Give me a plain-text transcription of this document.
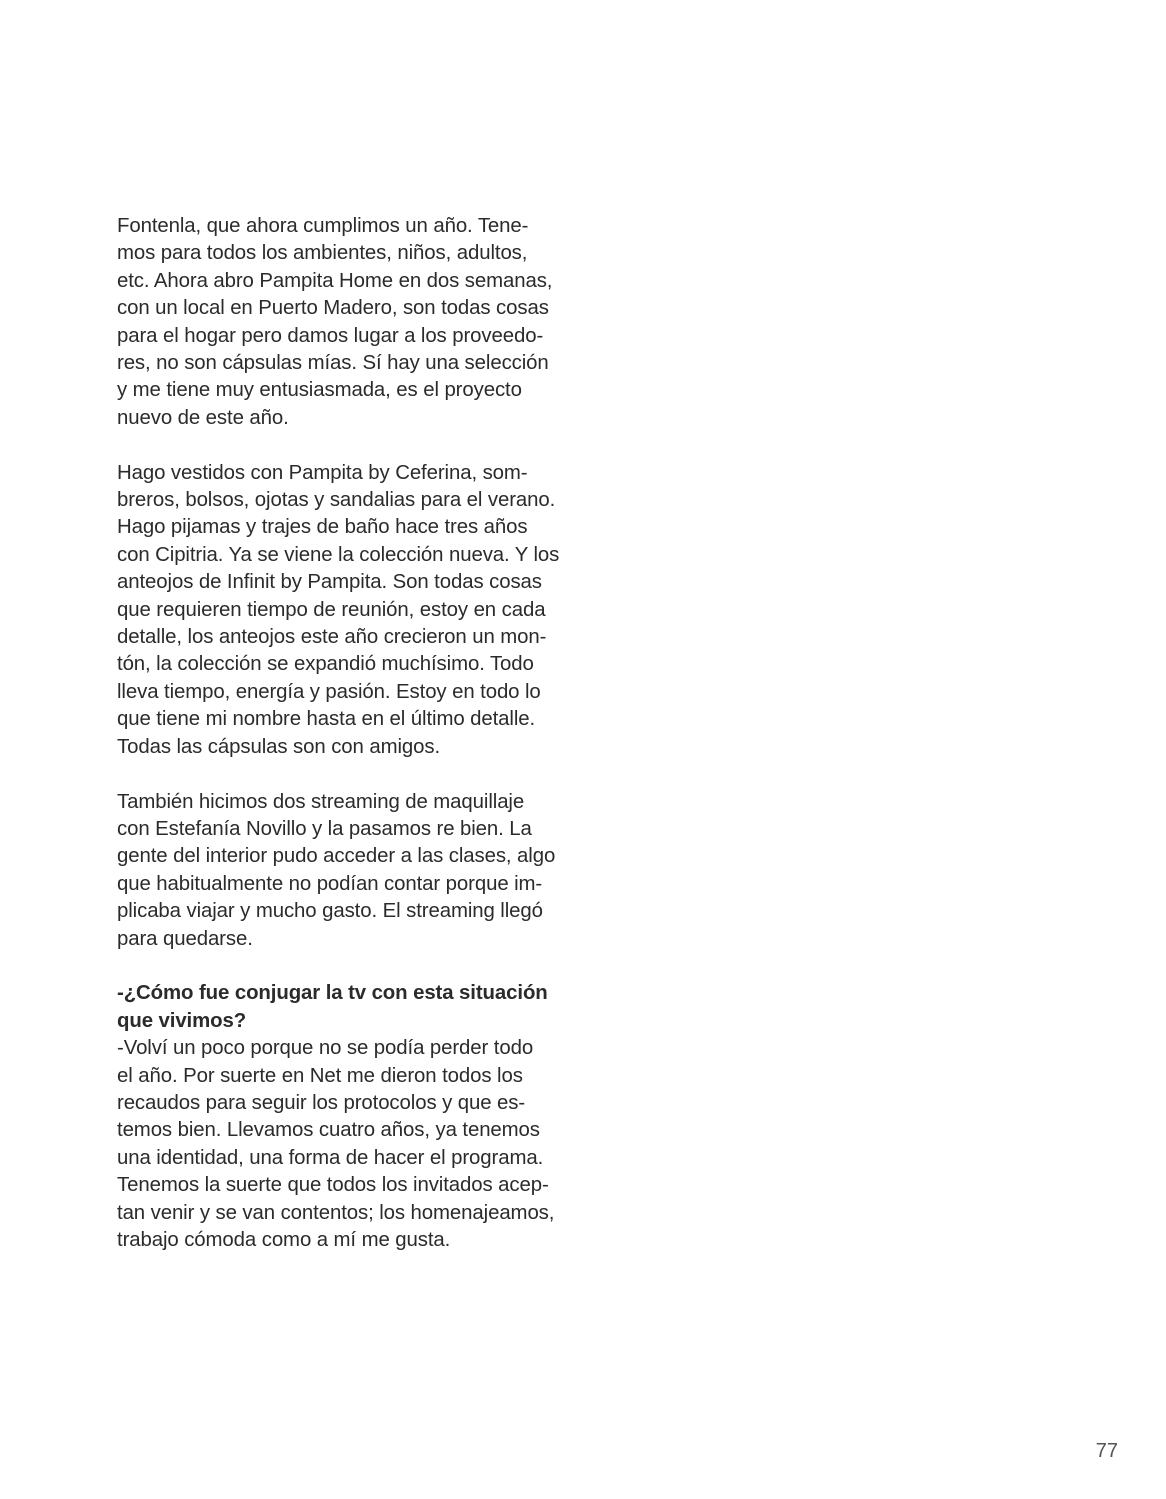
Fontenla, que ahora cumplimos un año. Tene-
mos para todos los ambientes, niños, adultos,
etc. Ahora abro Pampita Home en dos semanas,
con un local en Puerto Madero, son todas cosas
para el hogar pero damos lugar a los proveedo-
res, no son cápsulas mías. Sí hay una selección
y me tiene muy entusiasmada, es el proyecto
nuevo de este año.
Hago vestidos con Pampita by Ceferina, som-
breros, bolsos, ojotas y sandalias para el verano.
Hago pijamas y trajes de baño hace tres años
con Cipitria. Ya se viene la colección nueva. Y los
anteojos de Infinit by Pampita. Son todas cosas
que requieren tiempo de reunión, estoy en cada
detalle, los anteojos este año crecieron un mon-
tón, la colección se expandió muchísimo. Todo
lleva tiempo, energía y pasión. Estoy en todo lo
que tiene mi nombre hasta en el último detalle.
Todas las cápsulas son con amigos.
También hicimos dos streaming de maquillaje
con Estefanía Novillo y la pasamos re bien. La
gente del interior pudo acceder a las clases, algo
que habitualmente no podían contar porque im-
plicaba viajar y mucho gasto. El streaming llegó
para quedarse.
-¿Cómo fue conjugar la tv con esta situación
que vivimos?
-Volví un poco porque no se podía perder todo
el año. Por suerte en Net me dieron todos los
recaudos para seguir los protocolos y que es-
temos bien. Llevamos cuatro años, ya tenemos
una identidad, una forma de hacer el programa.
Tenemos la suerte que todos los invitados acep-
tan venir y se van contentos; los homenajeamos,
trabajo cómoda como a mí me gusta.
77
